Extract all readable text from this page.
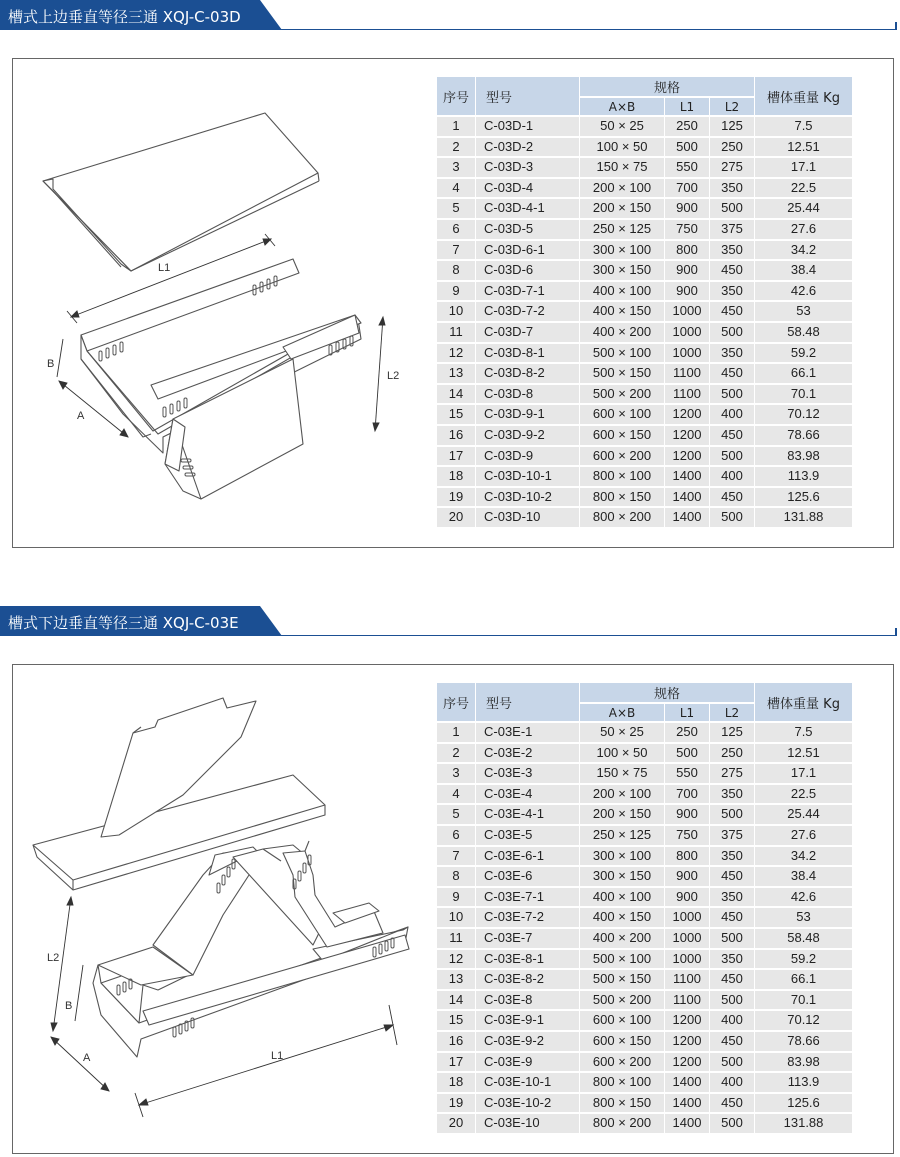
槽式上边垂直等径三通 XQJ-C-03D
L1
L2
B
A
序号	型号	规格			槽体重量 Kg
		A×B	L1	L2	
1	C-03D-1	50 × 25	250	125	7.5
2	C-03D-2	100 × 50	500	250	12.51
3	C-03D-3	150 × 75	550	275	17.1
4	C-03D-4	200 × 100	700	350	22.5
5	C-03D-4-1	200 × 150	900	500	25.44
6	C-03D-5	250 × 125	750	375	27.6
7	C-03D-6-1	300 × 100	800	350	34.2
8	C-03D-6	300 × 150	900	450	38.4
9	C-03D-7-1	400 × 100	900	350	42.6
10	C-03D-7-2	400 × 150	1000	450	53
11	C-03D-7	400 × 200	1000	500	58.48
12	C-03D-8-1	500 × 100	1000	350	59.2
13	C-03D-8-2	500 × 150	1100	450	66.1
14	C-03D-8	500 × 200	1100	500	70.1
15	C-03D-9-1	600 × 100	1200	400	70.12
16	C-03D-9-2	600 × 150	1200	450	78.66
17	C-03D-9	600 × 200	1200	500	83.98
18	C-03D-10-1	800 × 100	1400	400	113.9
19	C-03D-10-2	800 × 150	1400	450	125.6
20	C-03D-10	800 × 200	1400	500	131.88
槽式下边垂直等径三通 XQJ-C-03E
L2
B
A	L1
序号	型号	规格			槽体重量 Kg
		A×B	L1	L2	
1	C-03E-1	50 × 25	250	125	7.5
2	C-03E-2	100 × 50	500	250	12.51
3	C-03E-3	150 × 75	550	275	17.1
4	C-03E-4	200 × 100	700	350	22.5
5	C-03E-4-1	200 × 150	900	500	25.44
6	C-03E-5	250 × 125	750	375	27.6
7	C-03E-6-1	300 × 100	800	350	34.2
8	C-03E-6	300 × 150	900	450	38.4
9	C-03E-7-1	400 × 100	900	350	42.6
10	C-03E-7-2	400 × 150	1000	450	53
11	C-03E-7	400 × 200	1000	500	58.48
12	C-03E-8-1	500 × 100	1000	350	59.2
13	C-03E-8-2	500 × 150	1100	450	66.1
14	C-03E-8	500 × 200	1100	500	70.1
15	C-03E-9-1	600 × 100	1200	400	70.12
16	C-03E-9-2	600 × 150	1200	450	78.66
17	C-03E-9	600 × 200	1200	500	83.98
18	C-03E-10-1	800 × 100	1400	400	113.9
19	C-03E-10-2	800 × 150	1400	450	125.6
20	C-03E-10	800 × 200	1400	500	131.88
